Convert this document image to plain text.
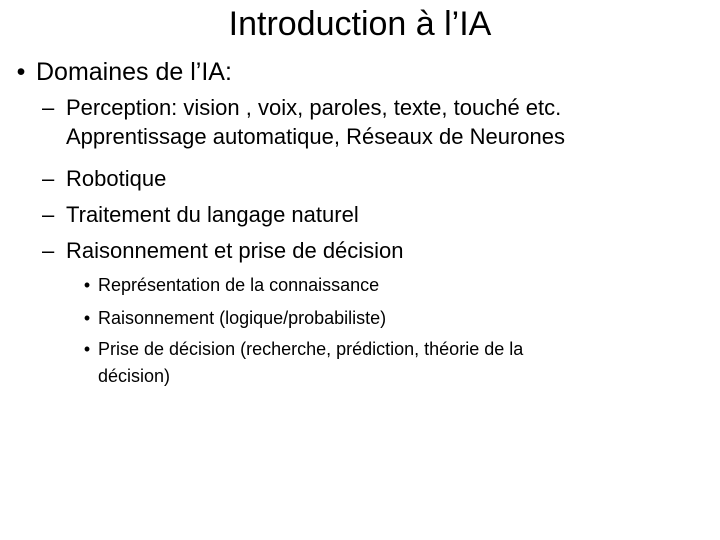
Introduction à l’IA
• Domaines de l’IA:
– Perception: vision , voix, paroles, texte, touché etc.
Apprentissage automatique, Réseaux de Neurones
– Robotique
– Traitement du langage naturel
– Raisonnement et prise de décision
• Représentation de la connaissance
• Raisonnement (logique/probabiliste)
• Prise de décision (recherche, prédiction, théorie de la
décision)
